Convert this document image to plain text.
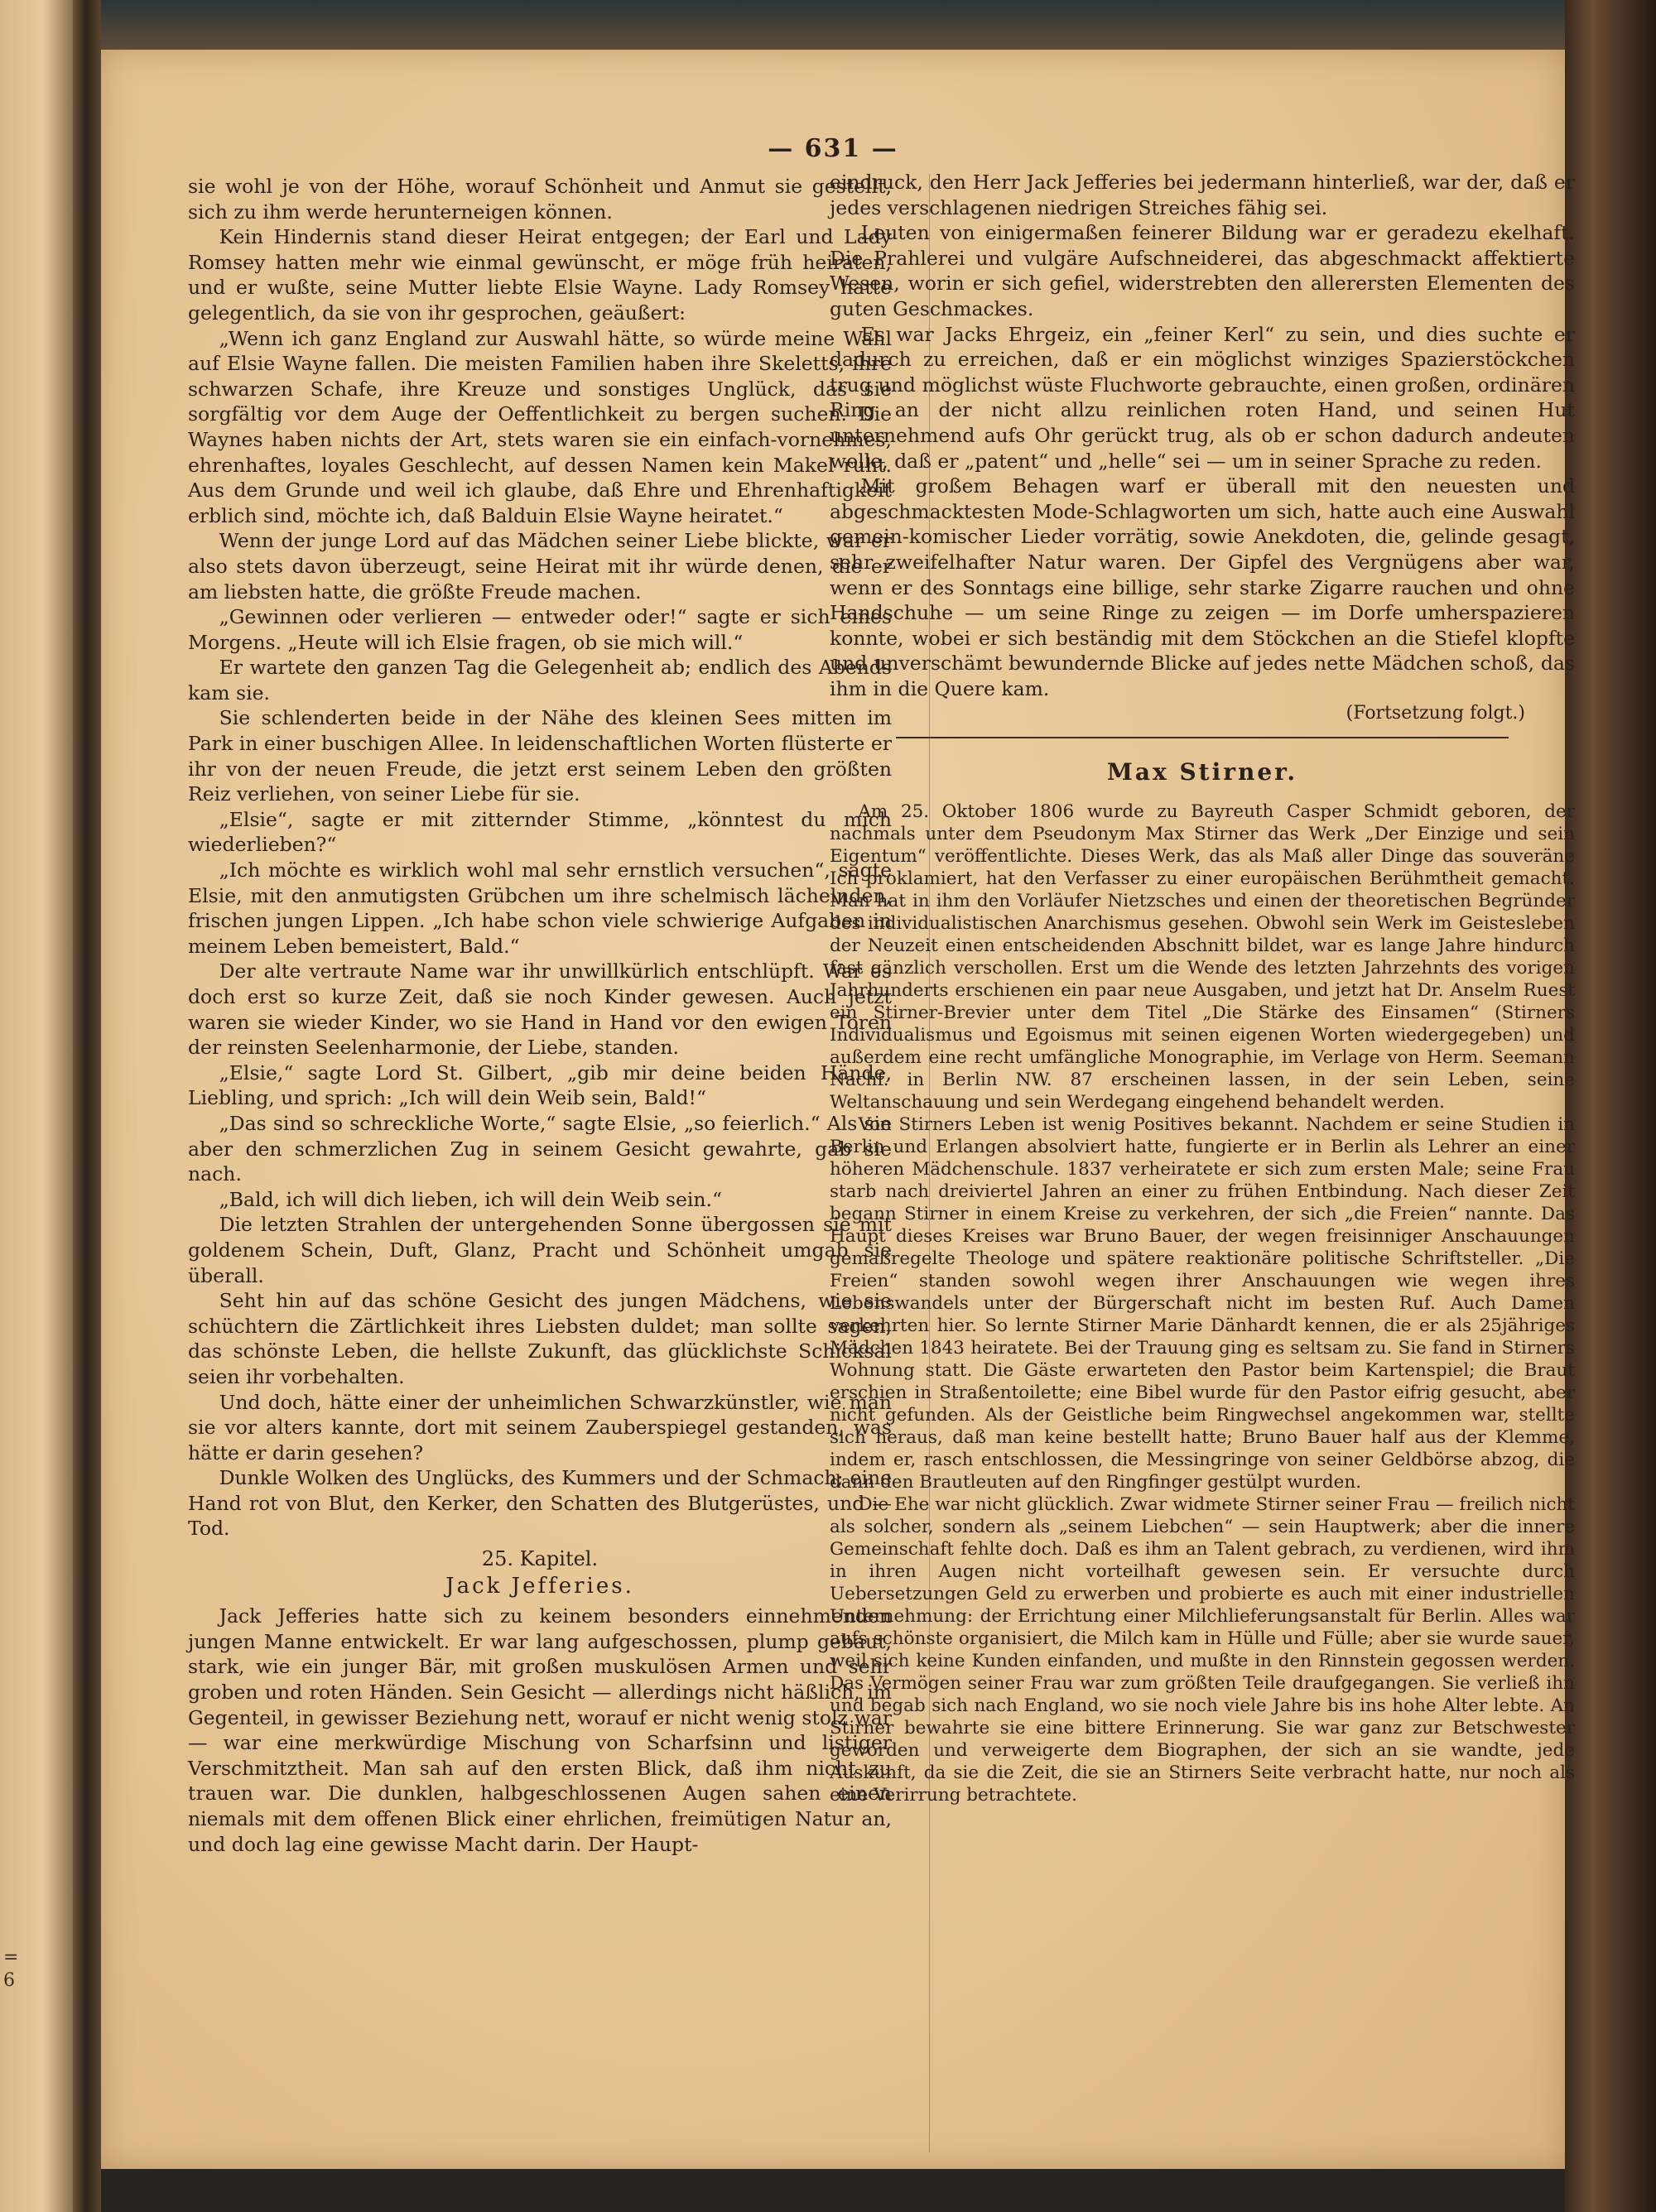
=
6
— 631 —

sie wohl je von der Höhe, worauf Schönheit und Anmut sie gestellt, sich zu ihm werde herunterneigen können.

Kein Hindernis stand dieser Heirat entgegen; der Earl und Lady Romsey hatten mehr wie einmal gewünscht, er möge früh heiraten, und er wußte, seine Mutter liebte Elsie Wayne. Lady Romsey hatte gelegentlich, da sie von ihr gesprochen, geäußert:

„Wenn ich ganz England zur Auswahl hätte, so würde meine Wahl auf Elsie Wayne fallen. Die meisten Familien haben ihre Skeletts, ihre schwarzen Schafe, ihre Kreuze und sonstiges Unglück, das sie sorgfältig vor dem Auge der Oeffentlichkeit zu bergen suchen. Die Waynes haben nichts der Art, stets waren sie ein einfach-vornehmes, ehrenhaftes, loyales Geschlecht, auf dessen Namen kein Makel ruht. Aus dem Grunde und weil ich glaube, daß Ehre und Ehrenhaftigkeit erblich sind, möchte ich, daß Balduin Elsie Wayne heiratet.“

Wenn der junge Lord auf das Mädchen seiner Liebe blickte, war er also stets davon überzeugt, seine Heirat mit ihr würde denen, die er am liebsten hatte, die größte Freude machen.

„Gewinnen oder verlieren — entweder oder!“ sagte er sich eines Morgens. „Heute will ich Elsie fragen, ob sie mich will.“

Er wartete den ganzen Tag die Gelegenheit ab; endlich des Abends kam sie.

Sie schlenderten beide in der Nähe des kleinen Sees mitten im Park in einer buschigen Allee. In leidenschaftlichen Worten flüsterte er ihr von der neuen Freude, die jetzt erst seinem Leben den größten Reiz verliehen, von seiner Liebe für sie.

„Elsie“, sagte er mit zitternder Stimme, „könntest du mich wiederlieben?“

„Ich möchte es wirklich wohl mal sehr ernstlich versuchen“, sagte Elsie, mit den anmutigsten Grübchen um ihre schelmisch lächelnden, frischen jungen Lippen. „Ich habe schon viele schwierige Aufgaben in meinem Leben bemeistert, Bald.“

Der alte vertraute Name war ihr unwillkürlich entschlüpft. War es doch erst so kurze Zeit, daß sie noch Kinder gewesen. Auch jetzt waren sie wieder Kinder, wo sie Hand in Hand vor den ewigen Toren der reinsten Seelenharmonie, der Liebe, standen.

„Elsie,“ sagte Lord St. Gilbert, „gib mir deine beiden Hände, Liebling, und sprich: „Ich will dein Weib sein, Bald!“

„Das sind so schreckliche Worte,“ sagte Elsie, „so feierlich.“ Als sie aber den schmerzlichen Zug in seinem Gesicht gewahrte, gab sie nach.

„Bald, ich will dich lieben, ich will dein Weib sein.“

Die letzten Strahlen der untergehenden Sonne übergossen sie mit goldenem Schein, Duft, Glanz, Pracht und Schönheit umgab sie überall.

Seht hin auf das schöne Gesicht des jungen Mädchens, wie sie schüchtern die Zärtlichkeit ihres Liebsten duldet; man sollte sagen, das schönste Leben, die hellste Zukunft, das glücklichste Schicksal seien ihr vorbehalten.

Und doch, hätte einer der unheimlichen Schwarzkünstler, wie man sie vor alters kannte, dort mit seinem Zauberspiegel gestanden, was hätte er darin gesehen?

Dunkle Wolken des Unglücks, des Kummers und der Schmach; eine Hand rot von Blut, den Kerker, den Schatten des Blutgerüstes, und — Tod.

25. Kapitel.
Jack Jefferies.

Jack Jefferies hatte sich zu keinem besonders einnehmenden jungen Manne entwickelt. Er war lang aufgeschossen, plump gebaut, stark, wie ein junger Bär, mit großen muskulösen Armen und sehr groben und roten Händen. Sein Gesicht — allerdings nicht häßlich, im Gegenteil, in gewisser Beziehung nett, worauf er nicht wenig stolz war — war eine merkwürdige Mischung von Scharfsinn und listiger Verschmitztheit. Man sah auf den ersten Blick, daß ihm nicht zu trauen war. Die dunklen, halbgeschlossenen Augen sahen einen niemals mit dem offenen Blick einer ehrlichen, freimütigen Natur an, und doch lag eine gewisse Macht darin. Der Haupt-

eindruck, den Herr Jack Jefferies bei jedermann hinterließ, war der, daß er jedes verschlagenen niedrigen Streiches fähig sei.

Leuten von einigermaßen feinerer Bildung war er geradezu ekelhaft. Die Prahlerei und vulgäre Aufschneiderei, das abgeschmackt affektierte Wesen, worin er sich gefiel, widerstrebten den allerersten Elementen des guten Geschmackes.

Es war Jacks Ehrgeiz, ein „feiner Kerl“ zu sein, und dies suchte er dadurch zu erreichen, daß er ein möglichst winziges Spazierstöckchen trug und möglichst wüste Fluchworte gebrauchte, einen großen, ordinären Ring an der nicht allzu reinlichen roten Hand, und seinen Hut unternehmend aufs Ohr gerückt trug, als ob er schon dadurch andeuten wolle, daß er „patent“ und „helle“ sei — um in seiner Sprache zu reden.

Mit großem Behagen warf er überall mit den neuesten und abgeschmacktesten Mode-Schlagworten um sich, hatte auch eine Auswahl gemein-komischer Lieder vorrätig, sowie Anekdoten, die, gelinde gesagt, sehr zweifelhafter Natur waren. Der Gipfel des Vergnügens aber war, wenn er des Sonntags eine billige, sehr starke Zigarre rauchen und ohne Handschuhe — um seine Ringe zu zeigen — im Dorfe umherspazieren konnte, wobei er sich beständig mit dem Stöckchen an die Stiefel klopfte und unverschämt bewundernde Blicke auf jedes nette Mädchen schoß, das ihm in die Quere kam.

(Fortsetzung folgt.)
Max Stirner.

Am 25. Oktober 1806 wurde zu Bayreuth Casper Schmidt geboren, der nachmals unter dem Pseudonym Max Stirner das Werk „Der Einzige und sein Eigentum“ veröffentlichte. Dieses Werk, das als Maß aller Dinge das souveräne Ich proklamiert, hat den Verfasser zu einer europäischen Berühmtheit gemacht. Man hat in ihm den Vorläufer Nietzsches und einen der theoretischen Begründer des individualistischen Anarchismus gesehen. Obwohl sein Werk im Geistesleben der Neuzeit einen entscheidenden Abschnitt bildet, war es lange Jahre hindurch fast gänzlich verschollen. Erst um die Wende des letzten Jahrzehnts des vorigen Jahrhunderts erschienen ein paar neue Ausgaben, und jetzt hat Dr. Anselm Ruest ein Stirner-Brevier unter dem Titel „Die Stärke des Einsamen“ (Stirners Individualismus und Egoismus mit seinen eigenen Worten wiedergegeben) und außerdem eine recht umfängliche Monographie, im Verlage von Herm. Seemann Nachf. in Berlin NW. 87 erscheinen lassen, in der sein Leben, seine Weltanschauung und sein Werdegang eingehend behandelt werden.

Von Stirners Leben ist wenig Positives bekannt. Nachdem er seine Studien in Berlin und Erlangen absolviert hatte, fungierte er in Berlin als Lehrer an einer höheren Mädchenschule. 1837 verheiratete er sich zum ersten Male; seine Frau starb nach dreiviertel Jahren an einer zu frühen Entbindung. Nach dieser Zeit begann Stirner in einem Kreise zu verkehren, der sich „die Freien“ nannte. Das Haupt dieses Kreises war Bruno Bauer, der wegen freisinniger Anschauungen gemaßregelte Theologe und spätere reaktionäre politische Schriftsteller. „Die Freien“ standen sowohl wegen ihrer Anschauungen wie wegen ihres Lebenswandels unter der Bürgerschaft nicht im besten Ruf. Auch Damen verkehrten hier. So lernte Stirner Marie Dänhardt kennen, die er als 25jähriges Mädchen 1843 heiratete. Bei der Trauung ging es seltsam zu. Sie fand in Stirners Wohnung statt. Die Gäste erwarteten den Pastor beim Kartenspiel; die Braut erschien in Straßentoilette; eine Bibel wurde für den Pastor eifrig gesucht, aber nicht gefunden. Als der Geistliche beim Ringwechsel angekommen war, stellte sich heraus, daß man keine bestellt hatte; Bruno Bauer half aus der Klemme, indem er, rasch entschlossen, die Messingringe von seiner Geldbörse abzog, die dann den Brautleuten auf den Ringfinger gestülpt wurden.

Die Ehe war nicht glücklich. Zwar widmete Stirner seiner Frau — freilich nicht als solcher, sondern als „seinem Liebchen“ — sein Hauptwerk; aber die innere Gemeinschaft fehlte doch. Daß es ihm an Talent gebrach, zu verdienen, wird ihm in ihren Augen nicht vorteilhaft gewesen sein. Er versuchte durch Uebersetzungen Geld zu erwerben und probierte es auch mit einer industriellen Unternehmung: der Errichtung einer Milchlieferungsanstalt für Berlin. Alles war aufs schönste organisiert, die Milch kam in Hülle und Fülle; aber sie wurde sauer, weil sich keine Kunden einfanden, und mußte in den Rinnstein gegossen werden. Das Vermögen seiner Frau war zum größten Teile draufgegangen. Sie verließ ihn und begab sich nach England, wo sie noch viele Jahre bis ins hohe Alter lebte. An Stirner bewahrte sie eine bittere Erinnerung. Sie war ganz zur Betschwester geworden und verweigerte dem Biographen, der sich an sie wandte, jede Auskunft, da sie die Zeit, die sie an Stirners Seite verbracht hatte, nur noch als eine Verirrung betrachtete.
